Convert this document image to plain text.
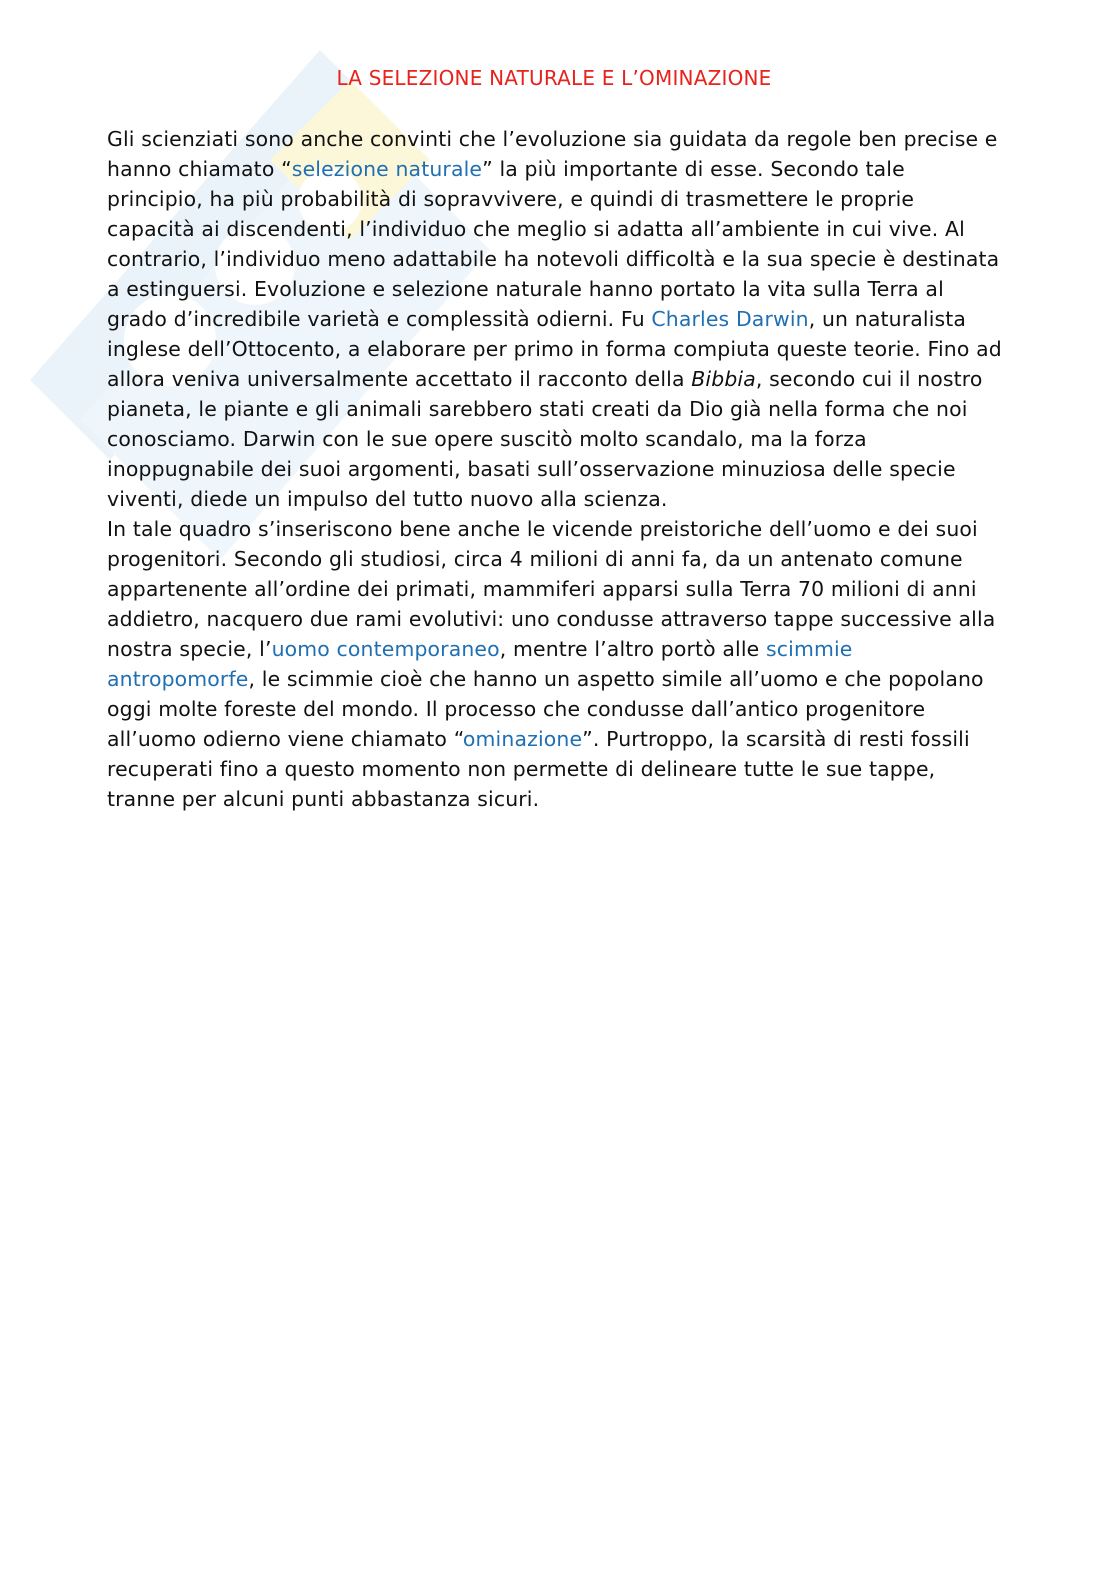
LA SELEZIONE NATURALE E L’OMINAZIONE

Gli scienziati sono anche convinti che l’evoluzione sia guidata da regole ben precise e hanno chiamato “selezione naturale” la più importante di esse. Secondo tale principio, ha più probabilità di sopravvivere, e quindi di trasmettere le proprie capacità ai discendenti, l’individuo che meglio si adatta all’ambiente in cui vive. Al contrario, l’individuo meno adattabile ha notevoli difficoltà e la sua specie è destinata a estinguersi. Evoluzione e selezione naturale hanno portato la vita sulla Terra al grado d’incredibile varietà e complessità odierni. Fu Charles Darwin, un naturalista inglese dell’Ottocento, a elaborare per primo in forma compiuta queste teorie. Fino ad allora veniva universalmente accettato il racconto della Bibbia, secondo cui il nostro pianeta, le piante e gli animali sarebbero stati creati da Dio già nella forma che noi conosciamo. Darwin con le sue opere suscitò molto scandalo, ma la forza inoppugnabile dei suoi argomenti, basati sull’osservazione minuziosa delle specie viventi, diede un impulso del tutto nuovo alla scienza.

In tale quadro s’inseriscono bene anche le vicende preistoriche dell’uomo e dei suoi progenitori. Secondo gli studiosi, circa 4 milioni di anni fa, da un antenato comune appartenente all’ordine dei primati, mammiferi apparsi sulla Terra 70 milioni di anni addietro, nacquero due rami evolutivi: uno condusse attraverso tappe successive alla nostra specie, l’uomo contemporaneo, mentre l’altro portò alle scimmie antropomorfe, le scimmie cioè che hanno un aspetto simile all’uomo e che popolano oggi molte foreste del mondo. Il processo che condusse dall’antico progenitore all’uomo odierno viene chiamato “ominazione”. Purtroppo, la scarsità di resti fossili recuperati fino a questo momento non permette di delineare tutte le sue tappe, tranne per alcuni punti abbastanza sicuri.
